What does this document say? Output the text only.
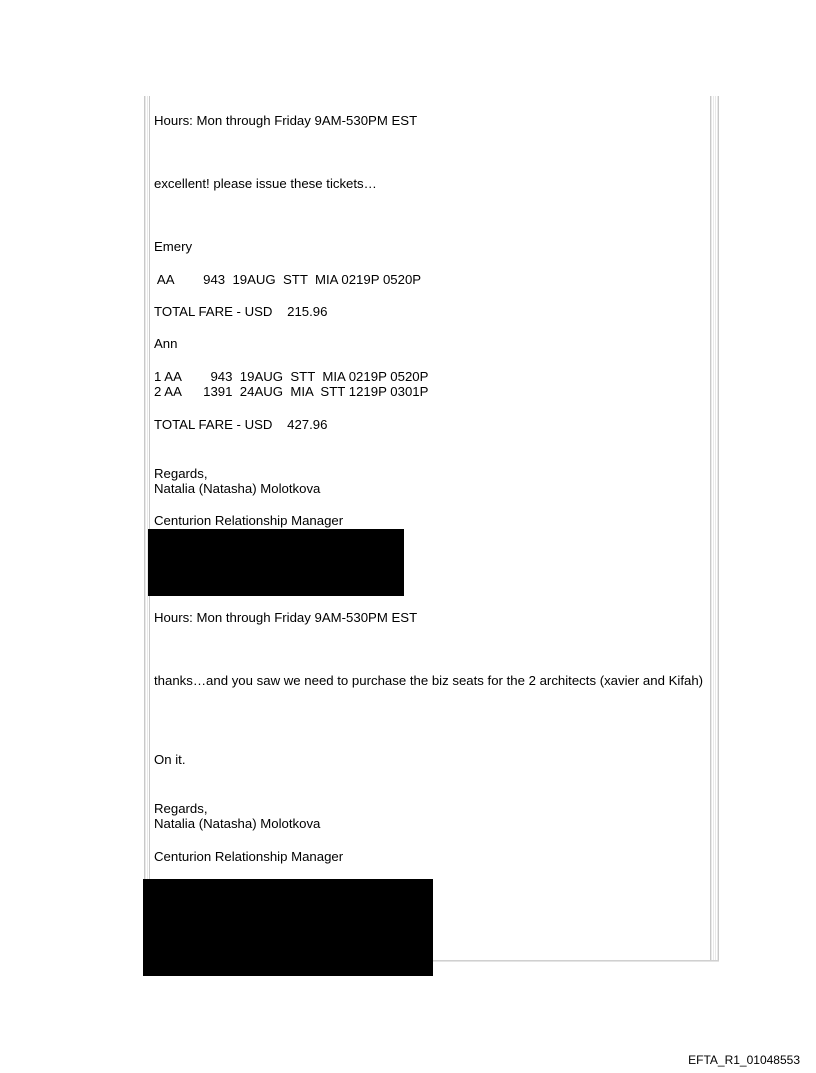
Hours: Mon through Friday 9AM-530PM EST

excellent! please issue these tickets…

Emery

AA        943  19AUG  STT  MIA 0219P 0520P

TOTAL FARE - USD    215.96

Ann

1 AA        943  19AUG  STT  MIA 0219P 0520P

2 AA      1391  24AUG  MIA  STT 1219P 0301P

TOTAL FARE - USD    427.96

Regards,

Natalia (Natasha) Molotkova

Centurion Relationship Manager

Hours: Mon through Friday 9AM-530PM EST

thanks…and you saw we need to purchase the biz seats for the 2 architects (xavier and Kifah)

On it.

Regards,

Natalia (Natasha) Molotkova

Centurion Relationship Manager

EFTA_R1_01048553
